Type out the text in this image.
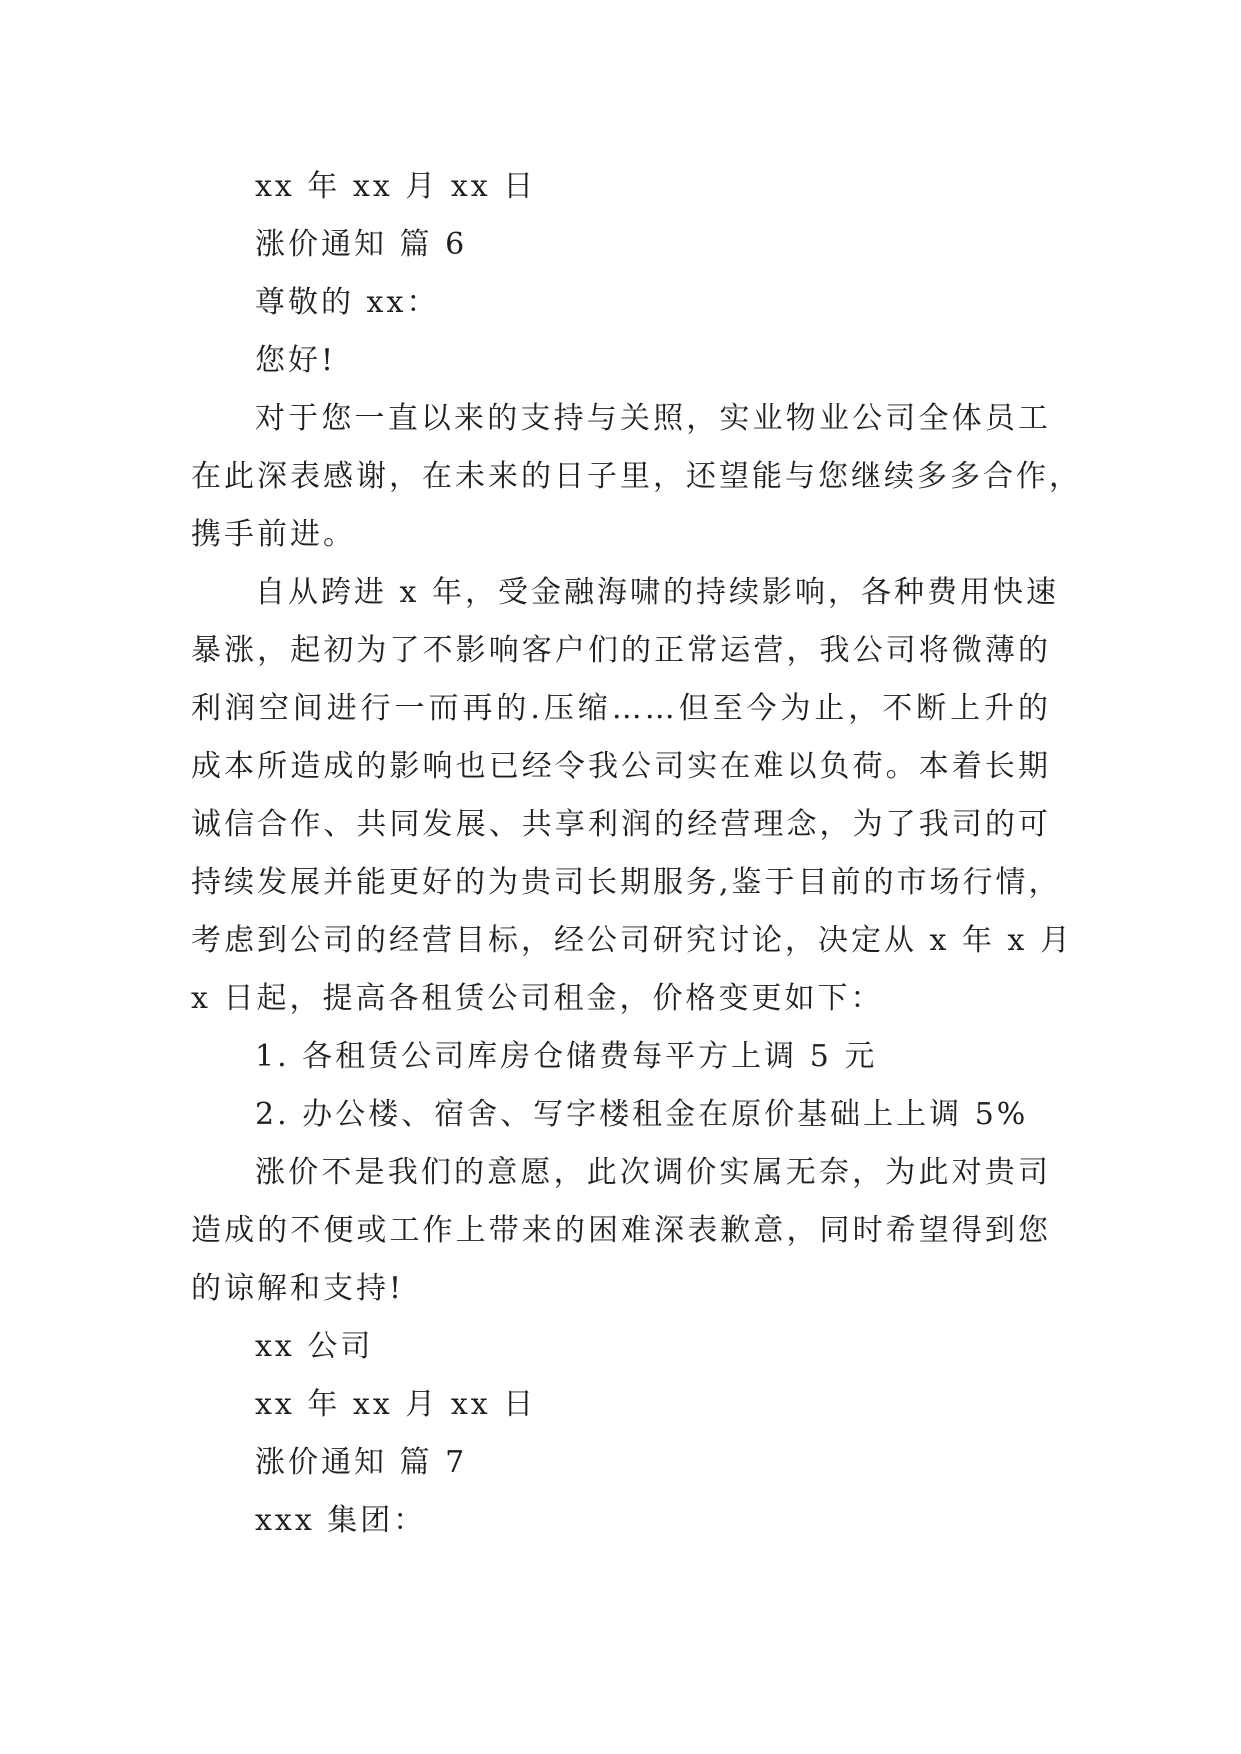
xx 年 xx 月 xx 日

涨价通知 篇 6

尊敬的 xx：

您好!

对于您一直以来的支持与关照，实业物业公司全体员工

在此深表感谢，在未来的日子里，还望能与您继续多多合作，

携手前进。

自从跨进 x 年，受金融海啸的持续影响，各种费用快速

暴涨，起初为了不影响客户们的正常运营，我公司将微薄的

利润空间进行一而再的.压缩……但至今为止，不断上升的

成本所造成的影响也已经令我公司实在难以负荷。本着长期

诚信合作、共同发展、共享利润的经营理念，为了我司的可

持续发展并能更好的为贵司长期服务,鉴于目前的市场行情，

考虑到公司的经营目标，经公司研究讨论，决定从 x 年 x 月

x 日起，提高各租赁公司租金，价格变更如下：

1. 各租赁公司库房仓储费每平方上调 5 元

2. 办公楼、宿舍、写字楼租金在原价基础上上调 5%

涨价不是我们的意愿，此次调价实属无奈，为此对贵司

造成的不便或工作上带来的困难深表歉意，同时希望得到您

的谅解和支持!

xx 公司

xx 年 xx 月 xx 日

涨价通知 篇 7

xxx 集团：
